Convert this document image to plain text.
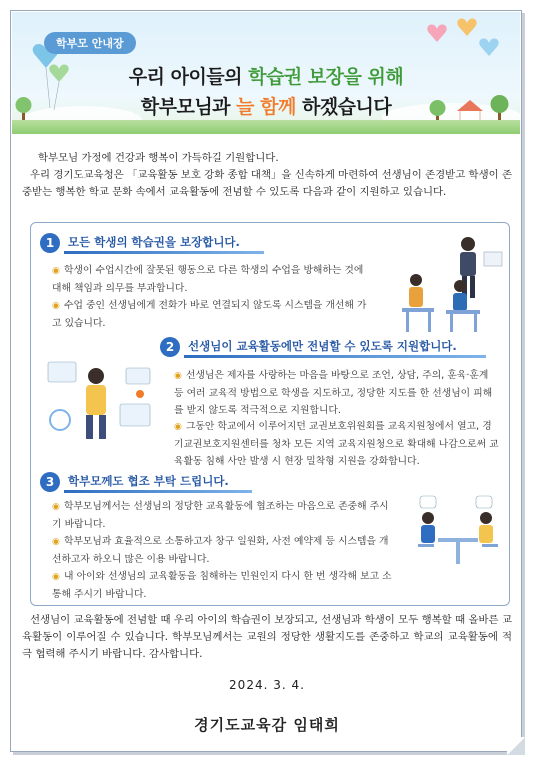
학부모 안내장
우리 아이들의 학습권 보장을 위해
학부모님과 늘 함께 하겠습니다
학부모님 가정에 건강과 행복이 가득하길 기원합니다.
우리 경기도교육청은 「교육활동 보호 강화 종합 대책」을 신속하게 마련하여 선생님이 존경받고 학생이 존중받는 행복한 학교 문화 속에서 교육활동에 전념할 수 있도록 다음과 같이 지원하고 있습니다.
1	모든 학생의 학습권을 보장합니다.
◉ 학생이 수업시간에 잘못된 행동으로 다른 학생의 수업을 방해하는 것에 대해 책임과 의무를 부과합니다.
◉ 수업 중인 선생님에게 전화가 바로 연결되지 않도록 시스템을 개선해 가고 있습니다.
2	선생님이 교육활동에만 전념할 수 있도록 지원합니다.
◉ 선생님은 제자를 사랑하는 마음을 바탕으로 조언, 상담, 주의, 훈육·훈계 등 여러 교육적 방법으로 학생을 지도하고, 정당한 지도를 한 선생님이 피해를 받지 않도록 적극적으로 지원합니다.
◉ 그동안 학교에서 이루어지던 교권보호위원회를 교육지원청에서 열고, 경기교권보호지원센터를 청차 모든 지역 교육지원청으로 확대해 나감으로써 교육활동 침해 사안 발생 시 현장 밀착형 지원을 강화합니다.
3	학부모께도 협조 부탁 드립니다.
◉ 학부모님께서는 선생님의 정당한 교육활동에 협조하는 마음으로 존중해 주시기 바랍니다.
◉ 학부모님과 효율적으로 소통하고자 창구 일원화, 사전 예약제 등 시스템을 개선하고자 하오니 많은 이용 바랍니다.
◉ 내 아이와 선생님의 교육활동을 침해하는 민원인지 다시 한 번 생각해 보고 소통해 주시기 바랍니다.
선생님이 교육활동에 전념할 때 우리 아이의 학습권이 보장되고, 선생님과 학생이 모두 행복할 때 올바른 교육활동이 이루어질 수 있습니다. 학부모님께서는 교원의 정당한 생활지도를 존중하고 학교의 교육활동에 적극 협력해 주시기 바랍니다. 감사합니다.
2024. 3. 4.
경기도교육감 임태희
